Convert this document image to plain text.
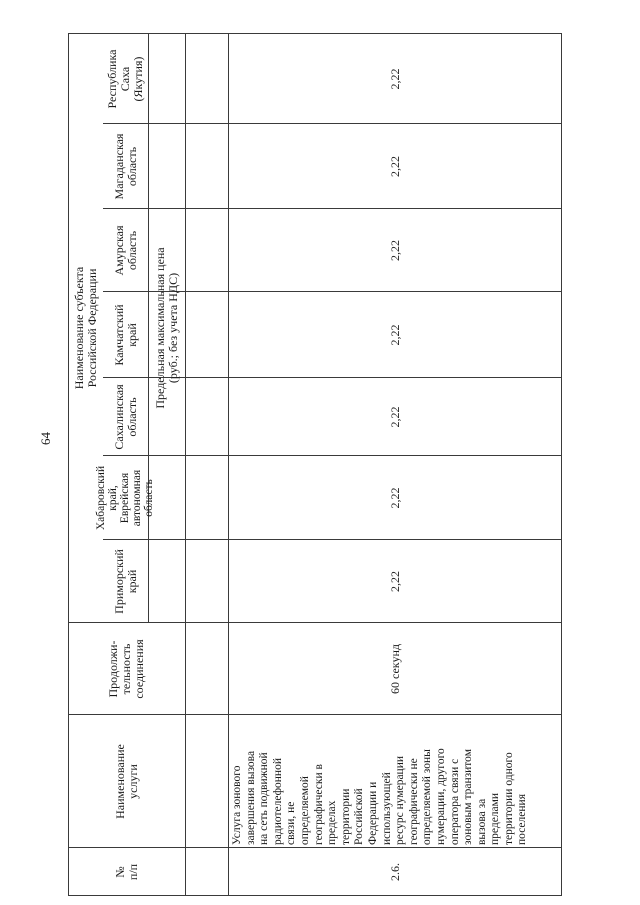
64
№
п/п
Наименование
услуги
Продолжи-
тельность
соединения
Наименование субъекта
Российской Федерации
Предельная максимальная цена
(руб.; без учета НДС)
Приморский
край
Хабаровский
край,
Еврейская
автономная
область
Сахалинская
область
Камчатский
край
Амурская
область
Магаданская
область
Республика
Саха
(Якутия)
2.6.
Услуга зонового
завершения вызова
на сеть подвижной
радиотелефонной
связи, не
определяемой
географически в
пределах
территории
Российской
Федерации и
использующей
ресурс нумерации
географически не
определяемой зоны
нумерации, другого
оператора связи с
зоновым транзитом
вызова за
пределами
территории одного
поселения
60 секунд
2,22
2,22
2,22
2,22
2,22
2,22
2,22
